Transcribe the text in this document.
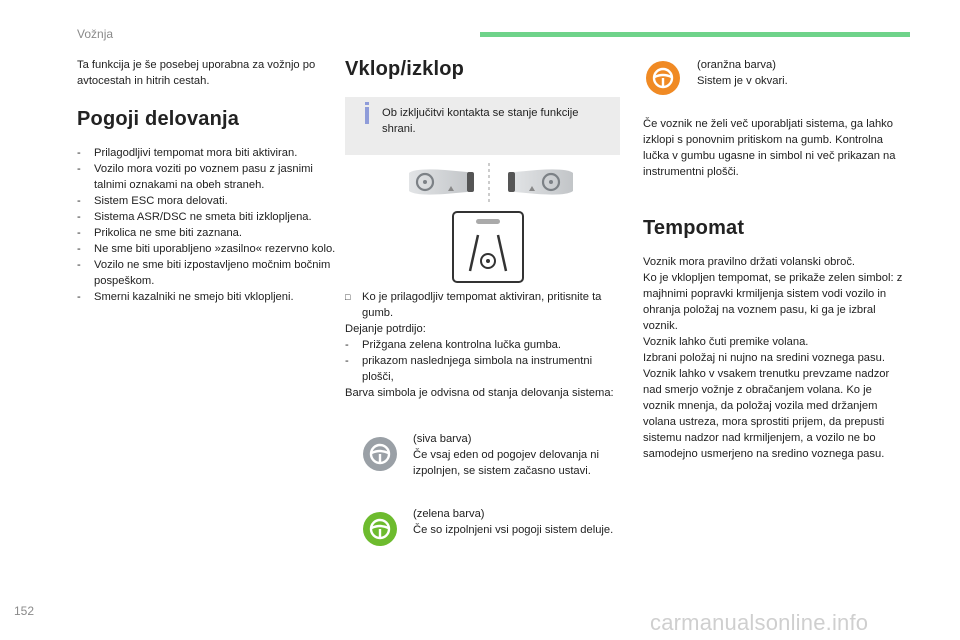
Vožnja

Ta funkcija je še posebej uporabna za vožnjo po avtocestah in hitrih cestah.

Pogoji delovanja
- Prilagodljivi tempomat mora biti aktiviran.
- Vozilo mora voziti po voznem pasu z jasnimi talnimi oznakami na obeh straneh.
- Sistem ESC mora delovati.
- Sistema ASR/DSC ne smeta biti izklopljena.
- Prikolica ne sme biti zaznana.
- Ne sme biti uporabljeno »zasilno« rezervno kolo.
- Vozilo ne sme biti izpostavljeno močnim bočnim pospeškom.
- Smerni kazalniki ne smejo biti vklopljeni.
Vklop/izklop
Ob izključitvi kontakta se stanje funkcije shrani.

□ Ko je prilagodljiv tempomat aktiviran, pritisnite ta gumb.

Dejanje potrdijo:

- Prižgana zelena kontrolna lučka gumba.
- prikazom naslednjega simbola na instrumentni plošči,

Barva simbola je odvisna od stanja delovanja sistema:

(siva barva)
Če vsaj eden od pogojev delovanja ni izpolnjen, se sistem začasno ustavi.
(zelena barva)
Če so izpolnjeni vsi pogoji sistem deluje.
(oranžna barva)
Sistem je v okvari.

Če voznik ne želi več uporabljati sistema, ga lahko izklopi s ponovnim pritiskom na gumb. Kontrolna lučka v gumbu ugasne in simbol ni več prikazan na instrumentni plošči.

Tempomat

Voznik mora pravilno držati volanski obroč.

Ko je vklopljen tempomat, se prikaže zelen simbol: z majhnimi popravki krmiljenja sistem vodi vozilo in ohranja položaj na voznem pasu, ki ga je izbral voznik.

Voznik lahko čuti premike volana.

Izbrani položaj ni nujno na sredini voznega pasu.

Voznik lahko v vsakem trenutku prevzame nadzor nad smerjo vožnje z obračanjem volana. Ko je voznik mnenja, da položaj vozila med držanjem volana ustreza, mora sprostiti prijem, da prepusti sistemu nadzor nad krmiljenjem, a vozilo ne bo samodejno usmerjeno na sredino voznega pasu.

152	carmanualsonline.info
